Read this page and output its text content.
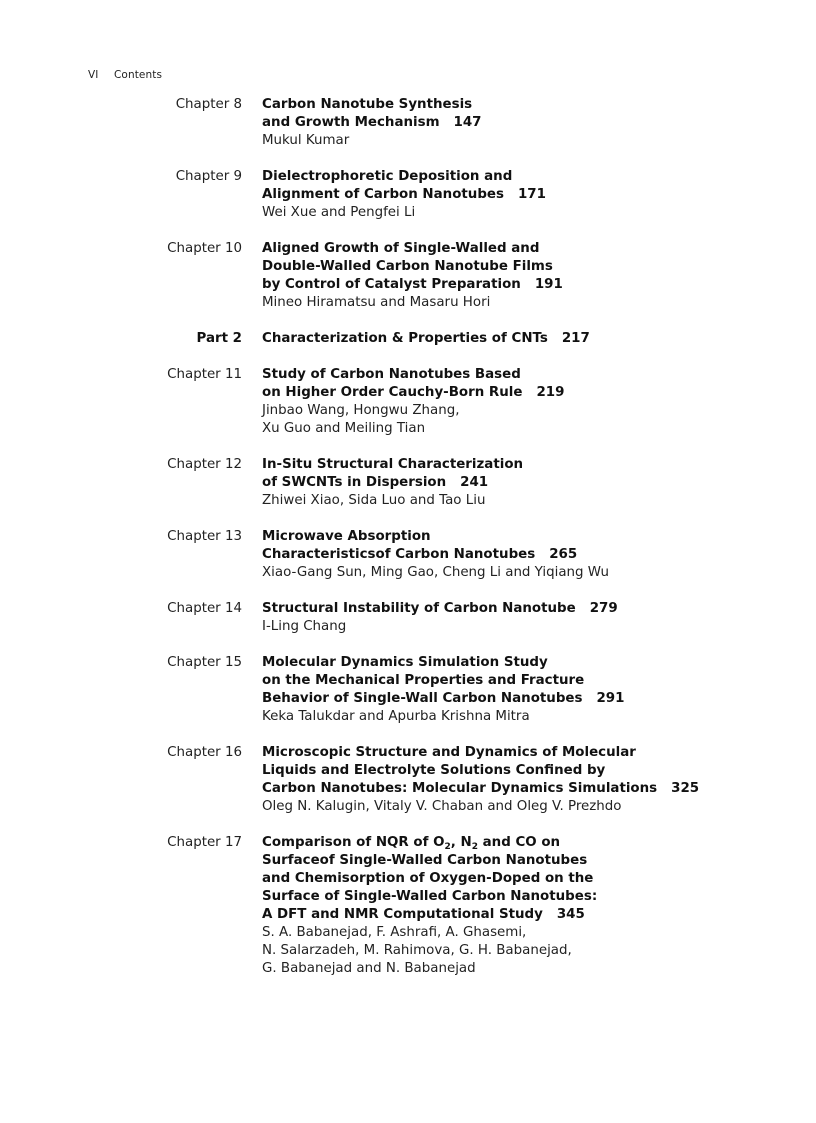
VI Contents
Chapter 8 Carbon Nanotube Synthesis
and Growth Mechanism 147
Mukul Kumar
Chapter 9 Dielectrophoretic Deposition and
Alignment of Carbon Nanotubes 171
Wei Xue and Pengfei Li
Chapter 10 Aligned Growth of Single-Walled and
Double-Walled Carbon Nanotube Films
by Control of Catalyst Preparation 191
Mineo Hiramatsu and Masaru Hori
Part 2 Characterization & Properties of CNTs 217
Chapter 11 Study of Carbon Nanotubes Based
on Higher Order Cauchy-Born Rule 219
Jinbao Wang, Hongwu Zhang,
Xu Guo and Meiling Tian
Chapter 12 In-Situ Structural Characterization
of SWCNTs in Dispersion 241
Zhiwei Xiao, Sida Luo and Tao Liu
Chapter 13 Microwave Absorption
Characteristicsof Carbon Nanotubes 265
Xiao-Gang Sun, Ming Gao, Cheng Li and Yiqiang Wu
Chapter 14 Structural Instability of Carbon Nanotube 279
I-Ling Chang
Chapter 15 Molecular Dynamics Simulation Study
on the Mechanical Properties and Fracture
Behavior of Single-Wall Carbon Nanotubes 291
Keka Talukdar and Apurba Krishna Mitra
Chapter 16 Microscopic Structure and Dynamics of Molecular
Liquids and Electrolyte Solutions Confined by
Carbon Nanotubes: Molecular Dynamics Simulations 325
Oleg N. Kalugin, Vitaly V. Chaban and Oleg V. Prezhdo
Chapter 17 Comparison of NQR of $O_2$, $N_2$ and CO on
Surfaceof Single-Walled Carbon Nanotubes
and Chemisorption of Oxygen-Doped on the
Surface of Single-Walled Carbon Nanotubes:
A DFT and NMR Computational Study 345
S. A. Babanejad, F. Ashrafi, A. Ghasemi,
N. Salarzadeh, M. Rahimova, G. H. Babanejad,
G. Babanejad and N. Babanejad
